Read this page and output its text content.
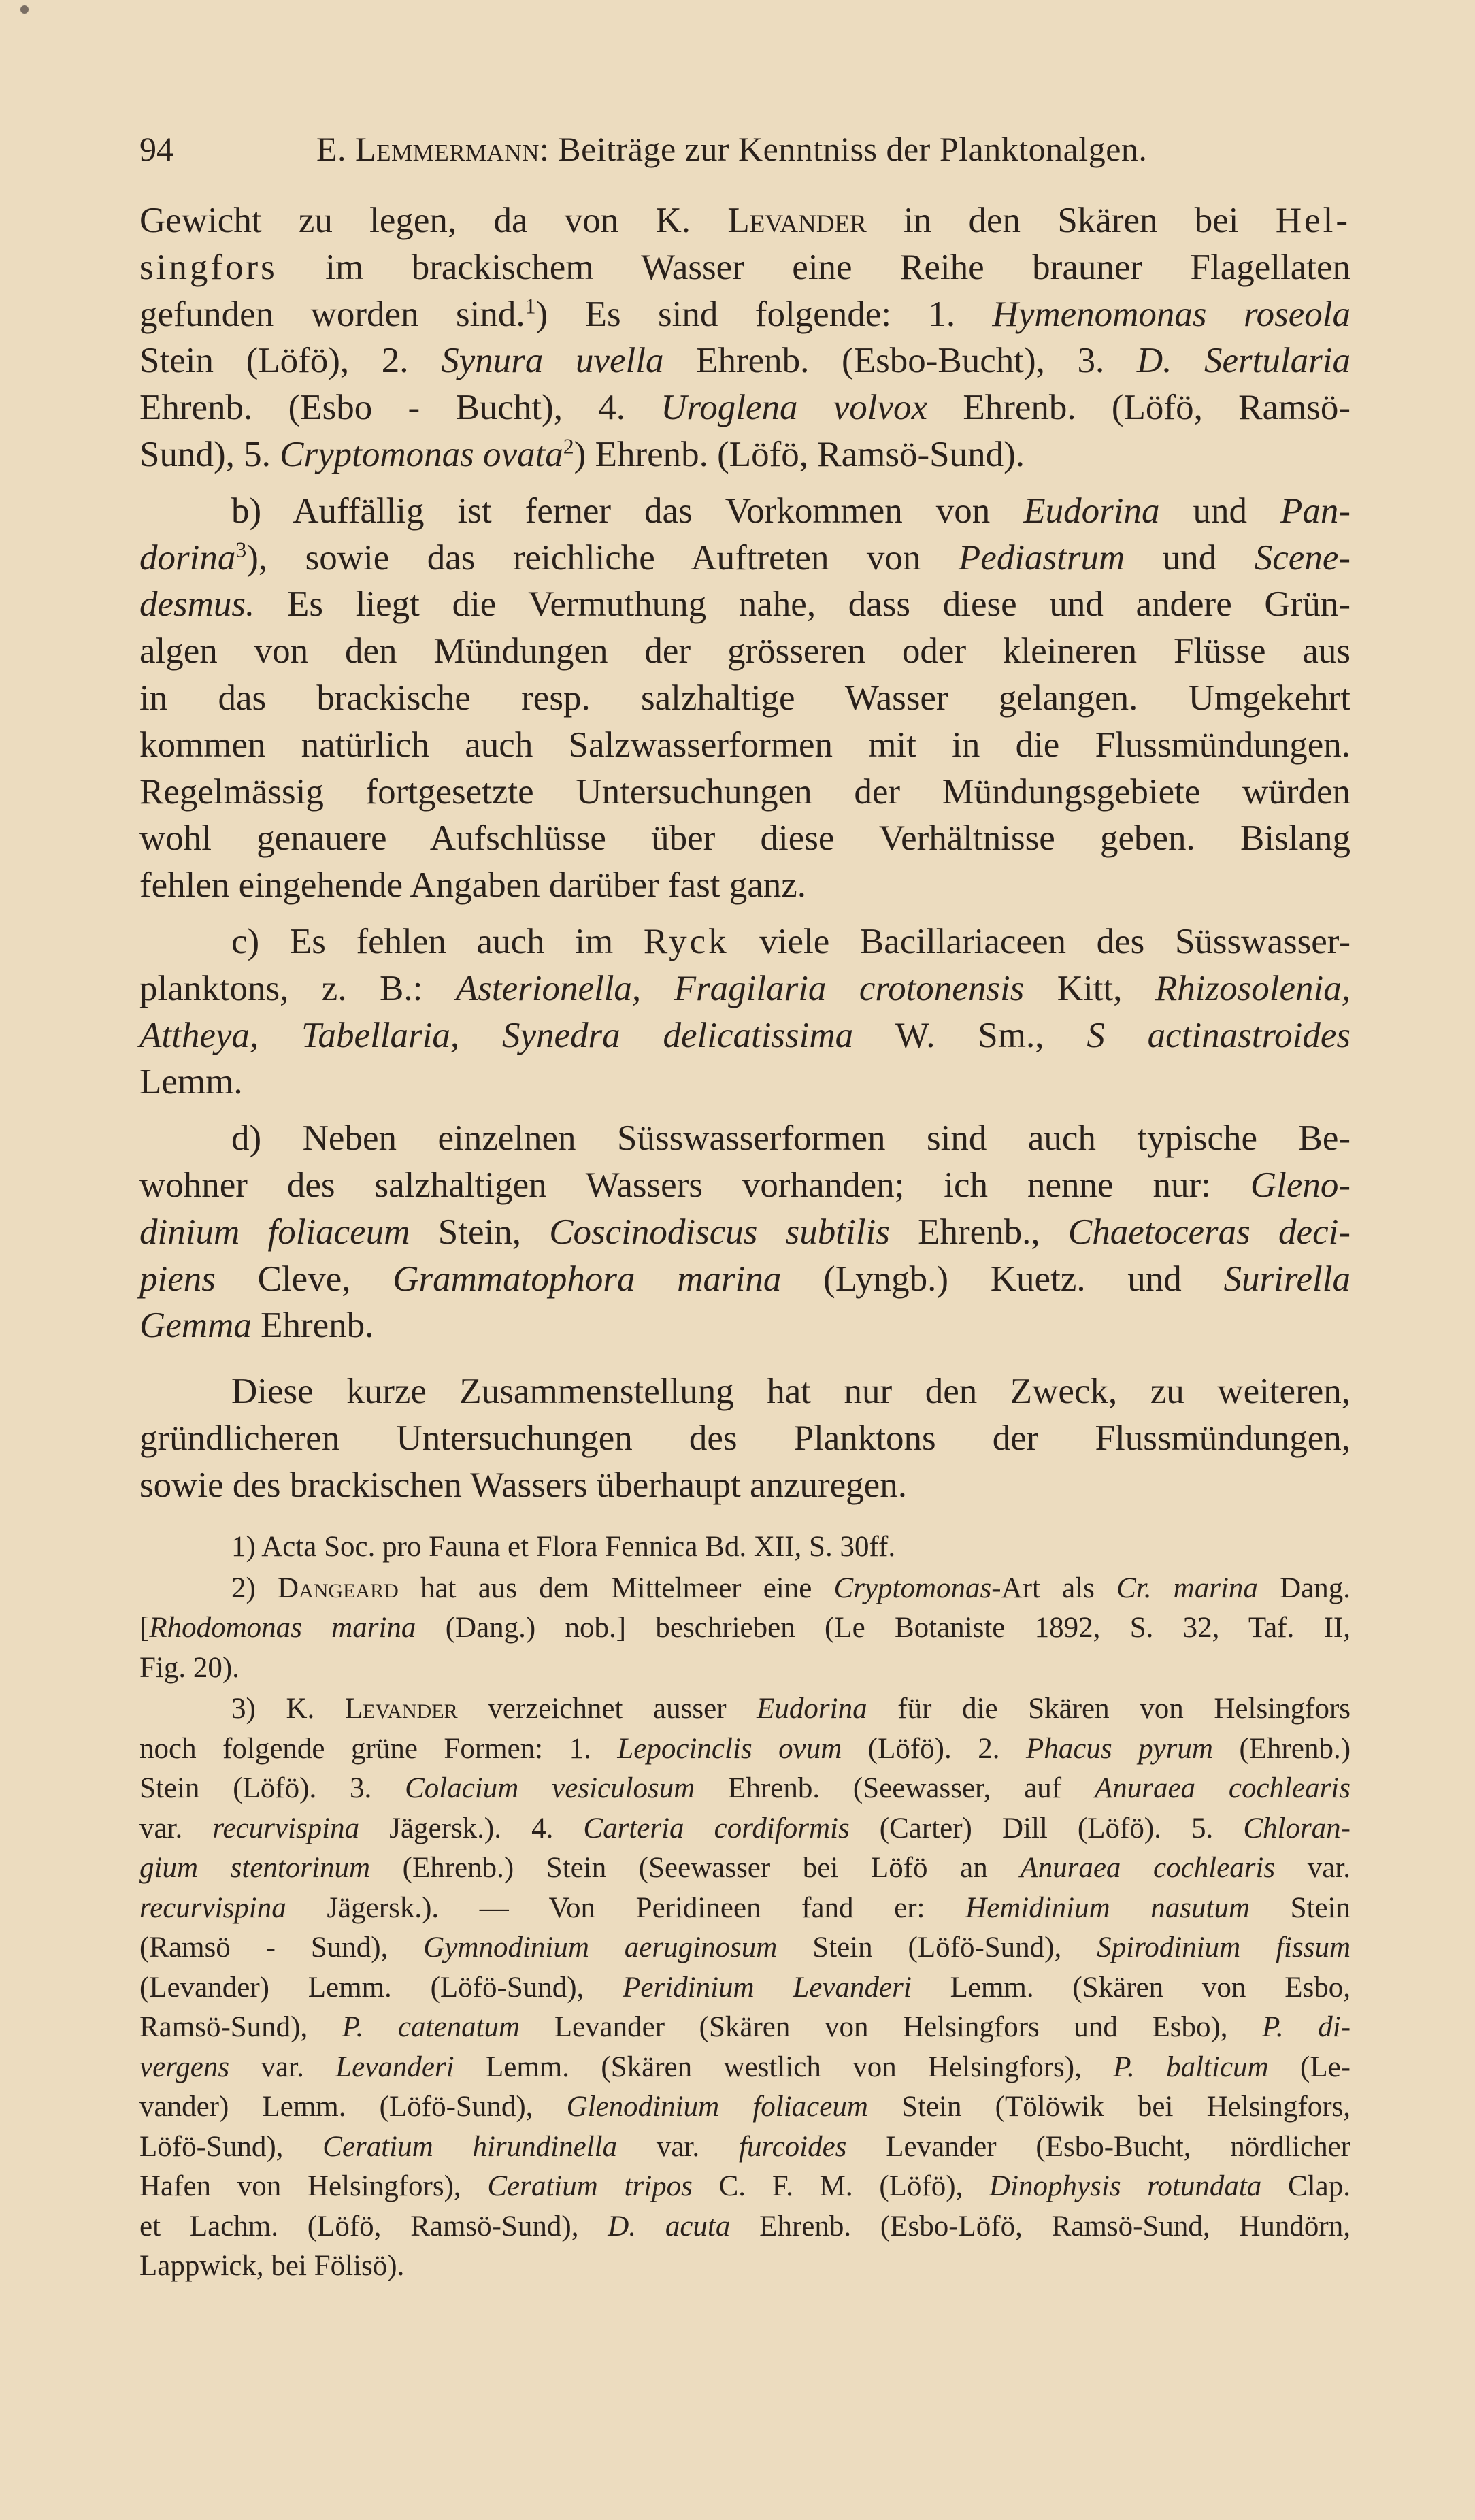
94	E. Lemmermann: Beiträge zur Kenntniss der Planktonalgen.
Gewicht zu legen, da von K. Levander in den Skären bei Hel-
singfors im brackischem Wasser eine Reihe brauner Flagellaten
gefunden worden sind.$^1$) Es sind folgende: 1. Hymenomonas roseola
Stein (Löfö), 2. Synura uvella Ehrenb. (Esbo-Bucht), 3. D. Sertularia
Ehrenb. (Esbo - Bucht), 4. Uroglena volvox Ehrenb. (Löfö, Ramsö-
Sund), 5. Cryptomonas ovata$^2$) Ehrenb. (Löfö, Ramsö-Sund).
b) Auffällig ist ferner das Vorkommen von Eudorina und Pan-
dorina$^3$), sowie das reichliche Auftreten von Pediastrum und Scene-
desmus. Es liegt die Vermuthung nahe, dass diese und andere Grün-
algen von den Mündungen der grösseren oder kleineren Flüsse aus
in das brackische resp. salzhaltige Wasser gelangen. Umgekehrt
kommen natürlich auch Salzwasserformen mit in die Flussmündungen.
Regelmässig fortgesetzte Untersuchungen der Mündungsgebiete würden
wohl genauere Aufschlüsse über diese Verhältnisse geben. Bislang
fehlen eingehende Angaben darüber fast ganz.
c) Es fehlen auch im Ryck viele Bacillariaceen des Süsswasser-
planktons, z. B.: Asterionella, Fragilaria crotonensis Kitt, Rhizosolenia,
Attheya, Tabellaria, Synedra delicatissima W. Sm., S actinastroides
Lemm.
d) Neben einzelnen Süsswasserformen sind auch typische Be-
wohner des salzhaltigen Wassers vorhanden; ich nenne nur: Gleno-
dinium foliaceum Stein, Coscinodiscus subtilis Ehrenb., Chaetoceras deci-
piens Cleve, Grammatophora marina (Lyngb.) Kuetz. und Surirella
Gemma Ehrenb.
Diese kurze Zusammenstellung hat nur den Zweck, zu weiteren,
gründlicheren Untersuchungen des Planktons der Flussmündungen,
sowie des brackischen Wassers überhaupt anzuregen.
1) Acta Soc. pro Fauna et Flora Fennica Bd. XII, S. 30ff.
2) Dangeard hat aus dem Mittelmeer eine Cryptomonas-Art als Cr. marina Dang.
[Rhodomonas marina (Dang.) nob.] beschrieben (Le Botaniste 1892, S. 32, Taf. II,
Fig. 20).
3) K. Levander verzeichnet ausser Eudorina für die Skären von Helsingfors
noch folgende grüne Formen: 1. Lepocinclis ovum (Löfö). 2. Phacus pyrum (Ehrenb.)
Stein (Löfö). 3. Colacium vesiculosum Ehrenb. (Seewasser, auf Anuraea cochlearis
var. recurvispina Jägersk.). 4. Carteria cordiformis (Carter) Dill (Löfö). 5. Chloran-
gium stentorinum (Ehrenb.) Stein (Seewasser bei Löfö an Anuraea cochlearis var.
recurvispina Jägersk.). — Von Peridineen fand er: Hemidinium nasutum Stein
(Ramsö - Sund), Gymnodinium aeruginosum Stein (Löfö-Sund), Spirodinium fissum
(Levander) Lemm. (Löfö-Sund), Peridinium Levanderi Lemm. (Skären von Esbo,
Ramsö-Sund), P. catenatum Levander (Skären von Helsingfors und Esbo), P. di-
vergens var. Levanderi Lemm. (Skären westlich von Helsingfors), P. balticum (Le-
vander) Lemm. (Löfö-Sund), Glenodinium foliaceum Stein (Tölöwik bei Helsingfors,
Löfö-Sund), Ceratium hirundinella var. furcoides Levander (Esbo-Bucht, nördlicher
Hafen von Helsingfors), Ceratium tripos C. F. M. (Löfö), Dinophysis rotundata Clap.
et Lachm. (Löfö, Ramsö-Sund), D. acuta Ehrenb. (Esbo-Löfö, Ramsö-Sund, Hundörn,
Lappwick, bei Fölisö).
